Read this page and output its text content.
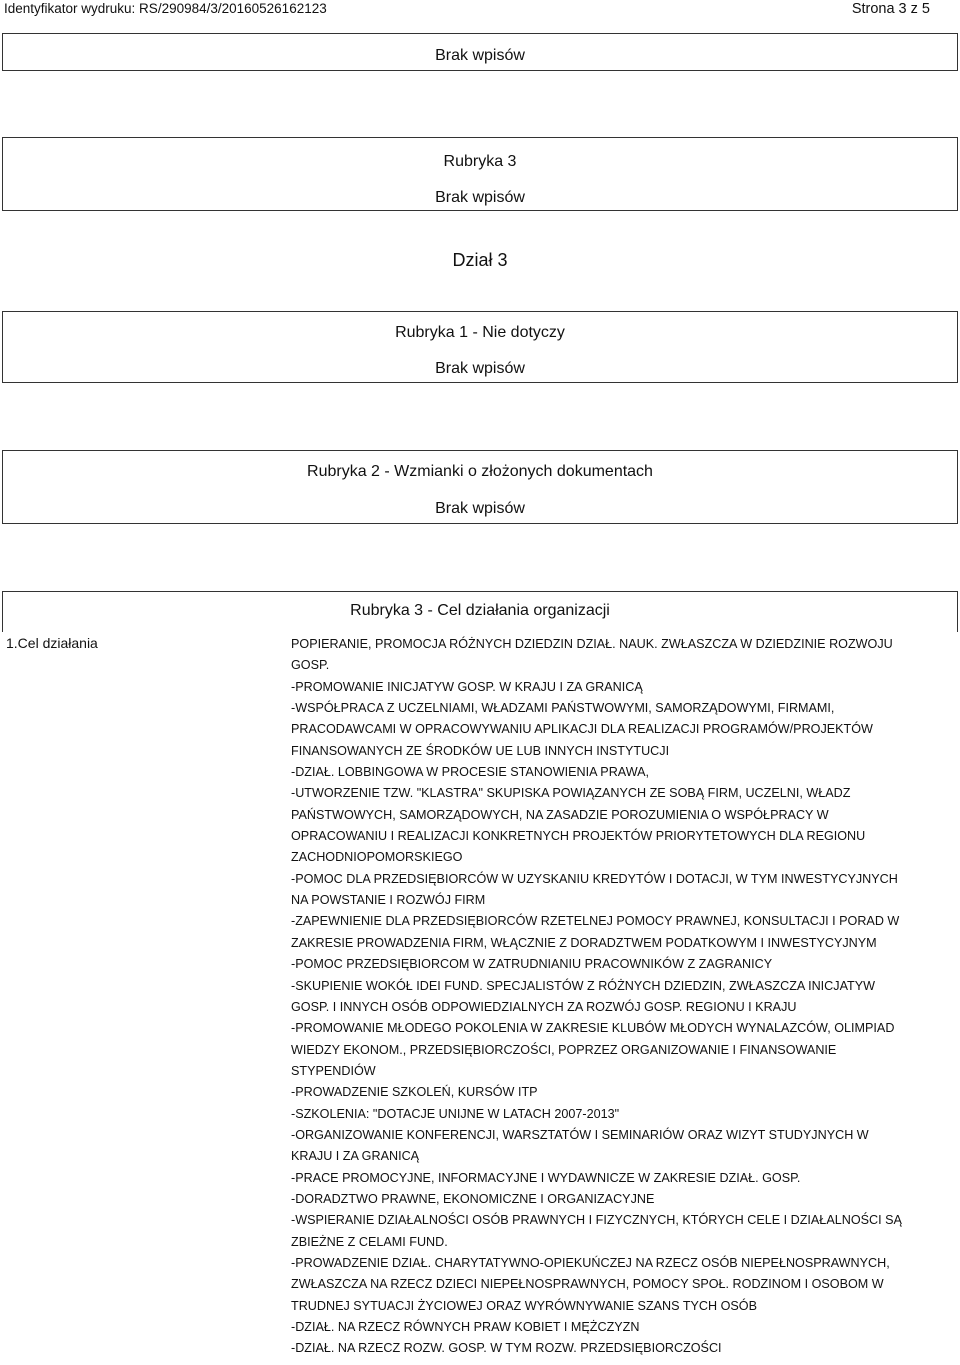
Identyfikator wydruku: RS/290984/3/20160526162123	Strona 3 z 5
Brak wpisów
Rubryka 3
Brak wpisów
Dział 3
Rubryka 1 - Nie dotyczy
Brak wpisów
Rubryka 2 - Wzmianki o złożonych dokumentach
Brak wpisów
Rubryka 3 - Cel działania organizacji
1.Cel działania	POPIERANIE, PROMOCJA RÓŻNYCH DZIEDZIN DZIAŁ. NAUK. ZWŁASZCZA W DZIEDZINIE ROZWOJU
GOSP.
-PROMOWANIE INICJATYW GOSP. W KRAJU I ZA GRANICĄ
-WSPÓŁPRACA Z UCZELNIAMI, WŁADZAMI PAŃSTWOWYMI, SAMORZĄDOWYMI, FIRMAMI,
PRACODAWCAMI W OPRACOWYWANIU APLIKACJI DLA REALIZACJI PROGRAMÓW/PROJEKTÓW
FINANSOWANYCH ZE ŚRODKÓW UE LUB INNYCH INSTYTUCJI
-DZIAŁ. LOBBINGOWA W PROCESIE STANOWIENIA PRAWA,
-UTWORZENIE TZW. "KLASTRA" SKUPISKA POWIĄZANYCH ZE SOBĄ FIRM, UCZELNI, WŁADZ
PAŃSTWOWYCH, SAMORZĄDOWYCH, NA ZASADZIE POROZUMIENIA O WSPÓŁPRACY W
OPRACOWANIU I REALIZACJI KONKRETNYCH PROJEKTÓW PRIORYTETOWYCH DLA REGIONU
ZACHODNIOPOMORSKIEGO
-POMOC DLA PRZEDSIĘBIORCÓW W UZYSKANIU KREDYTÓW I DOTACJI, W TYM INWESTYCYJNYCH
NA POWSTANIE I ROZWÓJ FIRM
-ZAPEWNIENIE DLA PRZEDSIĘBIORCÓW RZETELNEJ POMOCY PRAWNEJ, KONSULTACJI I PORAD W
ZAKRESIE PROWADZENIA FIRM, WŁĄCZNIE Z DORADZTWEM PODATKOWYM I INWESTYCYJNYM
-POMOC PRZEDSIĘBIORCOM W ZATRUDNIANIU PRACOWNIKÓW Z ZAGRANICY
-SKUPIENIE WOKÓŁ IDEI FUND. SPECJALISTÓW Z RÓŻNYCH DZIEDZIN, ZWŁASZCZA INICJATYW
GOSP. I INNYCH OSÓB ODPOWIEDZIALNYCH ZA ROZWÓJ GOSP. REGIONU I KRAJU
-PROMOWANIE MŁODEGO POKOLENIA W ZAKRESIE KLUBÓW MŁODYCH WYNALAZCÓW, OLIMPIAD
WIEDZY EKONOM., PRZEDSIĘBIORCZOŚCI, POPRZEZ ORGANIZOWANIE I FINANSOWANIE
STYPENDIÓW
-PROWADZENIE SZKOLEŃ, KURSÓW ITP
-SZKOLENIA: "DOTACJE UNIJNE W LATACH 2007-2013"
-ORGANIZOWANIE KONFERENCJI, WARSZTATÓW I SEMINARIÓW ORAZ WIZYT STUDYJNYCH W
KRAJU I ZA GRANICĄ
-PRACE PROMOCYJNE, INFORMACYJNE I WYDAWNICZE W ZAKRESIE DZIAŁ. GOSP.
-DORADZTWO PRAWNE, EKONOMICZNE I ORGANIZACYJNE
-WSPIERANIE DZIAŁALNOŚCI OSÓB PRAWNYCH I FIZYCZNYCH, KTÓRYCH CELE I DZIAŁALNOŚCI SĄ
ZBIEŻNE Z CELAMI FUND.
-PROWADZENIE DZIAŁ. CHARYTATYWNO-OPIEKUŃCZEJ NA RZECZ OSÓB NIEPEŁNOSPRAWNYCH,
ZWŁASZCZA NA RZECZ DZIECI NIEPEŁNOSPRAWNYCH, POMOCY SPOŁ. RODZINOM I OSOBOM W
TRUDNEJ SYTUACJI ŻYCIOWEJ ORAZ WYRÓWNYWANIE SZANS TYCH OSÓB
-DZIAŁ. NA RZECZ RÓWNYCH PRAW KOBIET I MĘŻCZYZN
-DZIAŁ. NA RZECZ ROZW. GOSP. W TYM ROZW. PRZEDSIĘBIORCZOŚCI
